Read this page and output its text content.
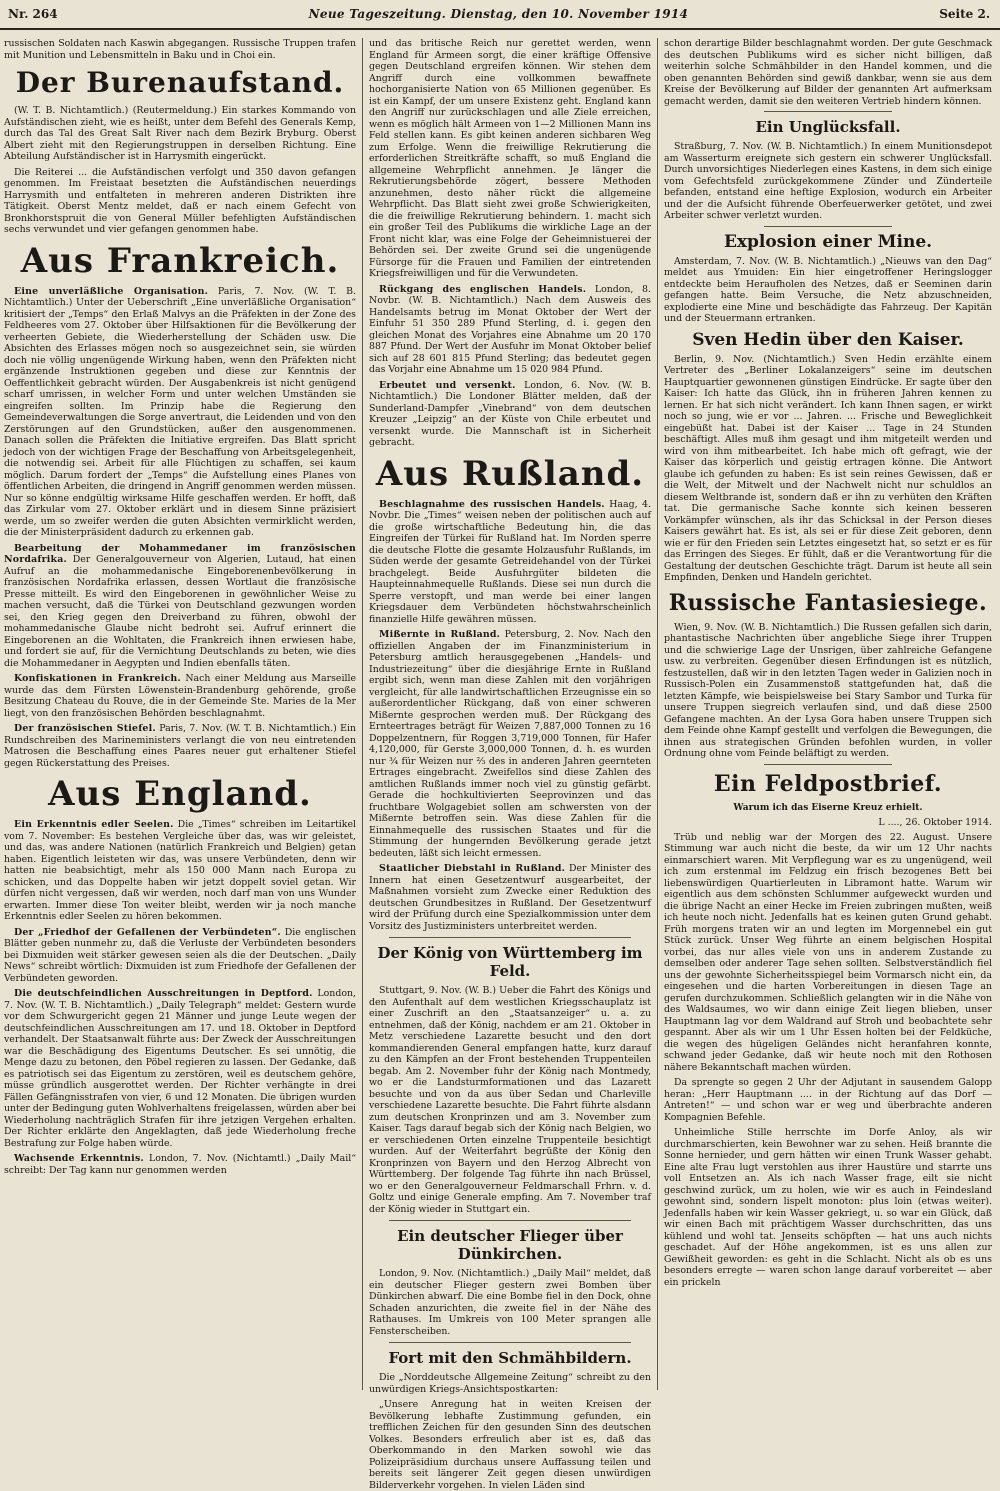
Nr. 264	Neue Tageszeitung. Dienstag, den 10. November 1914	Seite 2.

russischen Soldaten nach Kaswin abgegangen. Russische Truppen trafen mit Munition und Lebensmitteln in Baku und in Choi ein.

Der Burenaufstand.

(W. T. B. Nichtamtlich.) (Reutermeldung.) Ein starkes Kommando von Aufständischen zieht, wie es heißt, unter dem Befehl des Generals Kemp, durch das Tal des Great Salt River nach dem Bezirk Bryburg. Oberst Albert zieht mit den Regierungstruppen in derselben Richtung. Eine Abteilung Aufständischer ist in Harrysmith eingerückt.

Die Reiterei ... die Aufständischen verfolgt und 350 davon gefangen genommen. Im Freistaat besetzten die Aufständischen neuerdings Harrysmith und entfalteten in mehreren anderen Distrikten ihre Tätigkeit. Oberst Mentz meldet, daß er nach einem Gefecht von Bronkhorstspruit die von General Müller befehligten Aufständischen sechs verwundet und vier gefangen genommen habe.

Aus Frankreich.

Eine unverläßliche Organisation. Paris, 7. Nov. (W. T. B. Nichtamtlich.) Unter der Ueberschrift „Eine unverläßliche Organisation“ kritisiert der „Temps“ den Erlaß Malvys an die Präfekten in der Zone des Feldheeres vom 27. Oktober über Hilfsaktionen für die Bevölkerung der verheerten Gebiete, die Wiederherstellung der Schäden usw. Die Absichten des Erlasses mögen noch so ausgezeichnet sein, sie würden doch nie völlig ungenügende Wirkung haben, wenn den Präfekten nicht ergänzende Instruktionen gegeben und diese zur Kenntnis der Oeffentlichkeit gebracht würden. Der Ausgabenkreis ist nicht genügend scharf umrissen, in welcher Form und unter welchen Umständen sie eingreifen sollten. Im Prinzip habe die Regierung den Gemeindeverwaltungen die Sorge anvertraut, die Leidenden und von den Zerstörungen auf den Grundstücken, außer den ausgenommenen. Danach sollen die Präfekten die Initiative ergreifen. Das Blatt spricht jedoch von der wichtigen Frage der Beschaffung von Arbeitsgelegenheit, die notwendig sei. Arbeit für alle Flüchtigen zu schaffen, sei kaum möglich. Darum fordert der „Temps“ die Aufstellung eines Planes von öffentlichen Arbeiten, die dringend in Angriff genommen werden müssen. Nur so könne endgültig wirksame Hilfe geschaffen werden. Er hofft, daß das Zirkular vom 27. Oktober erklärt und in diesem Sinne präzisiert werde, um so zweifer werden die guten Absichten vermirklicht werden, die der Ministerpräsident dadurch zu erkennen gab.

Bearbeitung der Mohammedaner im französischen Nordafrika. Der Generalgouverneur von Algerien, Lutaud, hat einen Aufruf an die mohammedanische Eingeborenenbevölkerung in französischen Nordafrika erlassen, dessen Wortlaut die französische Presse mitteilt. Es wird den Eingeborenen in gewöhnlicher Weise zu machen versucht, daß die Türkei von Deutschland gezwungen worden sei, den Krieg gegen den Dreiverband zu führen, obwohl der mohammedanische Glaube nicht bedroht sei. Aufruf erinnert die Eingeborenen an die Wohltaten, die Frankreich ihnen erwiesen habe, und fordert sie auf, für die Vernichtung Deutschlands zu beten, wie dies die Mohammedaner in Aegypten und Indien ebenfalls täten.

Konfiskationen in Frankreich. Nach einer Meldung aus Marseille wurde das dem Fürsten Löwenstein-Brandenburg gehörende, große Besitzung Chateau du Rouve, die in der Gemeinde Ste. Maries de la Mer liegt, von den französischen Behörden beschlagnahmt.

Der französischen Stiefel. Paris, 7. Nov. (W. T. B. Nichtamtlich.) Ein Rundschreiben des Marineministers verlangt die von neu eintretenden Matrosen die Beschaffung eines Paares neuer gut erhaltener Stiefel gegen Rückerstattung des Preises.

Aus England.

Ein Erkenntnis edler Seelen. Die „Times“ schreiben im Leitartikel vom 7. November: Es bestehen Vergleiche über das, was wir geleistet, und das, was andere Nationen (natürlich Frankreich und Belgien) getan haben. Eigentlich leisteten wir das, was unsere Verbündeten, denn wir hatten nie beabsichtigt, mehr als 150 000 Mann nach Europa zu schicken, und das Doppelte haben wir jetzt doppelt soviel getan. Wir dürfen nicht vergessen, daß wir werden, noch darf man von uns Wunder erwarten. Immer diese Ton weiter bleibt, werden wir ja noch manche Erkenntnis edler Seelen zu hören bekommen.

Der „Friedhof der Gefallenen der Verbündeten“. Die englischen Blätter geben nunmehr zu, daß die Verluste der Verbündeten besonders bei Dixmuiden weit stärker gewesen seien als die der Deutschen. „Daily News“ schreibt wörtlich: Dixmuiden ist zum Friedhofe der Gefallenen der Verbündeten geworden.

Die deutschfeindlichen Ausschreitungen in Deptford. London, 7. Nov. (W. T. B. Nichtamtlich.) „Daily Telegraph“ meldet: Gestern wurde vor dem Schwurgericht gegen 21 Männer und junge Leute wegen der deutschfeindlichen Ausschreitungen am 17. und 18. Oktober in Deptford verhandelt. Der Staatsanwalt führte aus: Der Zweck der Ausschreitungen war die Beschädigung des Eigentums Deutscher. Es sei unnötig, die Menge dazu zu betonen, den Pöbel regieren zu lassen. Der Gedanke, daß es patriotisch sei das Eigentum zu zerstören, weil es deutschem gehöre, müsse gründlich ausgerottet werden. Der Richter verhängte in drei Fällen Gefängnisstrafen von vier, 6 und 12 Monaten. Die übrigen wurden unter der Bedingung guten Wohlverhaltens freigelassen, würden aber bei Wiederholung nachträglich Strafen für ihre jetzigen Vergehen erhalten. Der Richter erklärte den Angeklagten, daß jede Wiederholung freche Bestrafung zur Folge haben würde.

Wachsende Erkenntnis. London, 7. Nov. (Nichtamtl.) „Daily Mail“ schreibt: Der Tag kann nur genommen werden

und das britische Reich nur gerettet werden, wenn England für Armeen sorgt, die einer kräftige Offensive gegen Deutschland ergreifen können. Wir stehen dem Angriff durch eine vollkommen bewaffnete hochorganisierte Nation von 65 Millionen gegenüber. Es ist ein Kampf, der um unsere Existenz geht. England kann den Angriff nur zurückschlagen und alle Ziele erreichen, wenn es möglich hält Armeen von 1—2 Millionen Mann ins Feld stellen kann. Es gibt keinen anderen sichbaren Weg zum Erfolge. Wenn die freiwillige Rekrutierung die erforderlichen Streitkräfte schafft, so muß England die allgemeine Wehrpflicht annehmen. Je länger die Rekrutierungsbehörde zögert, bessere Methoden anzunehmen, desto näher rückt die allgemeine Wehrpflicht. Das Blatt sieht zwei große Schwierigkeiten, die die freiwillige Rekrutierung behindern. 1. macht sich ein großer Teil des Publikums die wirkliche Lage an der Front nicht klar, was eine Folge der Geheimnistuerei der Behörden sei. Der zweite Grund sei die ungenügende Fürsorge für die Frauen und Familien der eintretenden Kriegsfreiwilligen und für die Verwundeten.

Rückgang des englischen Handels. London, 8. Novbr. (W. B. Nichtamtlich.) Nach dem Ausweis des Handelsamts betrug im Monat Oktober der Wert der Einfuhr 51 350 289 Pfund Sterling, d. i. gegen den gleichen Monat des Vorjahres eine Abnahme um 20 170 887 Pfund. Der Wert der Ausfuhr im Monat Oktober belief sich auf 28 601 815 Pfund Sterling; das bedeutet gegen das Vorjahr eine Abnahme um 15 020 984 Pfund.

Erbeutet und versenkt. London, 6. Nov. (W. B. Nichtamtlich.) Die Londoner Blätter melden, daß der Sunderland-Dampfer „Vinebrand“ von dem deutschen Kreuzer „Leipzig“ an der Küste von Chile erbeutet und versenkt wurde. Die Mannschaft ist in Sicherheit gebracht.

Aus Rußland.

Beschlagnahme des russischen Handels. Haag, 4. Novbr. Die „Times“ weisen neben der politischen auch auf die große wirtschaftliche Bedeutung hin, die das Eingreifen der Türkei für Rußland hat. Im Norden sperre die deutsche Flotte die gesamte Holzausfuhr Rußlands, im Süden werde der gesamte Getreidehandel von der Türkei brachgelegt. Beide Ausfuhrgüter bildeten die Haupteinnahmequelle Rußlands. Diese sei nun durch die Sperre verstopft, und man werde bei einer langen Kriegsdauer dem Verbündeten höchstwahrscheinlich finanzielle Hilfe gewähren müssen.

Mißernte in Rußland. Petersburg, 2. Nov. Nach den offiziellen Angaben der im Finanzministerium in Petersburg amtlich herausgegebenen „Handels- und Industriezeitung“ über die diesjährige Ernte in Rußland ergibt sich, wenn man diese Zahlen mit den vorjährigen vergleicht, für alle landwirtschaftlichen Erzeugnisse ein so außerordentlicher Rückgang, daß von einer schweren Mißernte gesprochen werden muß. Der Rückgang des Ernteertrages beträgt für Weizen 7,887,000 Tonnen zu 16 Doppelzentnern, für Roggen 3,719,000 Tonnen, für Hafer 4,120,000, für Gerste 3,000,000 Tonnen, d. h. es wurden nur ¾ für Weizen nur ⅔ des in anderen Jahren geernteten Ertrages eingebracht. Zweifellos sind diese Zahlen des amtlichen Rußlands immer noch viel zu günstig gefärbt. Gerade die hochkultivierten Seeprovinzen und das fruchtbare Wolgagebiet sollen am schwersten von der Mißernte betroffen sein. Was diese Zahlen für die Einnahmequelle des russischen Staates und für die Stimmung der hungernden Bevölkerung gerade jetzt bedeuten, läßt sich leicht ermessen.

Staatlicher Diebstahl in Rußland. Der Minister des Innern hat einen Gesetzentwurf ausgearbeitet, der Maßnahmen vorsieht zum Zwecke einer Reduktion des deutschen Grundbesitzes in Rußland. Der Gesetzentwurf wird der Prüfung durch eine Spezialkommission unter dem Vorsitz des Justizministers unterbreitet werden.

Der König von Württemberg im Feld.

Stuttgart, 9. Nov. (W. B.) Ueber die Fahrt des Königs und den Aufenthalt auf dem westlichen Kriegsschauplatz ist einer Zuschrift an den „Staatsanzeiger“ u. a. zu entnehmen, daß der König, nachdem er am 21. Oktober in Metz verschiedene Lazarette besucht und den dort kommandierenden General empfangen hatte, kurz darauf zu den Kämpfen an der Front bestehenden Truppenteilen begab. Am 2. November fuhr der König nach Montmedy, wo er die Landsturmformationen und das Lazarett besuchte und von da aus über Sedan und Charleville verschiedene Lazarette besuchte. Die Fahrt führte alsdann zum deutschen Kronprinzen und am 3. November zum Kaiser. Tags darauf begab sich der König nach Belgien, wo er verschiedenen Orten einzelne Truppenteile besichtigt wurden. Auf der Weiterfahrt begrüßte der König den Kronprinzen von Bayern und den Herzog Albrecht von Württemberg. Der folgende Tag führte ihn nach Brüssel, wo er den Generalgouverneur Feldmarschall Frhrn. v. d. Goltz und einige Generale empfing. Am 7. November traf der König wieder in Stuttgart ein.

Ein deutscher Flieger über Dünkirchen.

London, 9. Nov. (Nichtamtlich.) „Daily Mail“ meldet, daß ein deutscher Flieger gestern zwei Bomben über Dünkirchen abwarf. Die eine Bombe fiel in den Dock, ohne Schaden anzurichten, die zweite fiel in der Nähe des Rathauses. Im Umkreis von 100 Meter sprangen alle Fensterscheiben.

Fort mit den Schmähbildern.

Die „Norddeutsche Allgemeine Zeitung“ schreibt zu den unwürdigen Kriegs-Ansichtspostkarten:

„Unsere Anregung hat in weiten Kreisen der Bevölkerung lebhafte Zustimmung gefunden, ein trefflichen Zeichen für den gesunden Sinn des deutschen Volkes. Besonders erfreulich aber ist es, daß das Oberkommando in den Marken sowohl wie das Polizeipräsidium durchaus unsere Auffassung teilen und bereits seit längerer Zeit gegen diesen unwürdigen Bilderverkehr vorgehen. In vielen Läden sind

schon derartige Bilder beschlagnahmt worden. Der gute Geschmack des deutschen Publikums wird es sicher nicht billigen, daß weiterhin solche Schmähbilder in den Handel kommen, und die oben genannten Behörden sind gewiß dankbar, wenn sie aus dem Kreise der Bevölkerung auf Bilder der genannten Art aufmerksam gemacht werden, damit sie den weiteren Vertrieb hindern können.

Ein Unglücksfall.

Straßburg, 7. Nov. (W. B. Nichtamtlich.) In einem Munitionsdepot am Wasserturm ereignete sich gestern ein schwerer Unglücksfall. Durch unvorsichtiges Niederlegen eines Kastens, in dem sich einige vom Gefechtsfeld zurückgekommene Zünder und Zünderteile befanden, entstand eine heftige Explosion, wodurch ein Arbeiter und der die Aufsicht führende Oberfeuerwerker getötet, und zwei Arbeiter schwer verletzt wurden.

Explosion einer Mine.

Amsterdam, 7. Nov. (W. B. Nichtamtlich.) „Nieuws van den Dag“ meldet aus Ymuiden: Ein hier eingetroffener Heringslogger entdeckte beim Heraufholen des Netzes, daß er Seeminen darin gefangen hatte. Beim Versuche, die Netz abzuschneiden, explodierte eine Mine und beschädigte das Fahrzeug. Der Kapitän und der Steuermann ertranken.

Sven Hedin über den Kaiser.

Berlin, 9. Nov. (Nichtamtlich.) Sven Hedin erzählte einem Vertreter des „Berliner Lokalanzeigers“ seine im deutschen Hauptquartier gewonnenen günstigen Eindrücke. Er sagte über den Kaiser: Ich hatte das Glück, ihn in früheren Jahren kennen zu lernen. Er hat sich nicht verändert. Ich kann Ihnen sagen, er wirkt noch so jung, wie er vor ... Jahren. ... Frische und Beweglichkeit eingebüßt hat. Dabei ist der Kaiser ... Tage in 24 Stunden beschäftigt. Alles muß ihm gesagt und ihm mitgeteilt werden und wird von ihm mitbearbeitet. Ich habe mich oft gefragt, wie der Kaiser das körperlich und geistig ertragen könne. Die Antwort glaube ich gefunden zu haben: Es ist sein reines Gewissen, daß er die Welt, der Mitwelt und der Nachwelt nicht nur schuldlos an diesem Weltbrande ist, sondern daß er ihn zu verhüten den Kräften tat. Die germanische Sache konnte sich keinen besseren Vorkämpfer wünschen, als ihr das Schicksal in der Person dieses Kaisers gewährt hat. Es ist, als sei er für diese Zeit geboren, denn wie er für den Frieden sein Letztes eingesetzt hat, so setzt er es für das Erringen des Sieges. Er fühlt, daß er die Verantwortung für die Gestaltung der deutschen Geschichte trägt. Darum ist heute all sein Empfinden, Denken und Handeln gerichtet.

Russische Fantasiesiege.

Wien, 9. Nov. (W. B. Nichtamtlich.) Die Russen gefallen sich darin, phantastische Nachrichten über angebliche Siege ihrer Truppen und die schwierige Lage der Unsrigen, über zahlreiche Gefangene usw. zu verbreiten. Gegenüber diesen Erfindungen ist es nützlich, festzustellen, daß wir in den letzten Tagen weder in Galizien noch in Russisch-Polen ein Zusammenstoß stattgefunden hat, daß die letzten Kämpfe, wie beispielsweise bei Stary Sambor und Turka für unsere Truppen siegreich verlaufen sind, und daß diese 2500 Gefangene machten. An der Lysa Gora haben unsere Truppen sich dem Feinde ohne Kampf gestellt und verfolgen die Bewegungen, die ihnen aus strategischen Gründen befohlen wurden, in voller Ordnung ohne vom Feinde beläftigt zu werden.

Ein Feldpostbrief.
Warum ich das Eiserne Kreuz erhielt.
L ...., 26. Oktober 1914.

Trüb und neblig war der Morgen des 22. August. Unsere Stimmung war auch nicht die beste, da wir um 12 Uhr nachts einmarschiert waren. Mit Verpflegung war es zu ungenügend, weil ich zum erstenmal im Feldzug ein frisch bezogenes Bett bei liebenswürdigen Quartierleuten in Libramont hatte. Warum wir eigentlich aus dem schönsten Schlummer aufgeweckt wurden und die übrige Nacht an einer Hecke im Freien zubringen mußten, weiß ich heute noch nicht. Jedenfalls hat es keinen guten Grund gehabt. Früh morgens traten wir an und legten im Morgennebel ein gut Stück zurück. Unser Weg führte an einem belgischen Hospital vorbei, das nur alles viele von uns in anderem Zustande zu demselben oder anderer Tage sehen sollten. Selbstverständlich fiel uns der gewohnte Sicherheitsspiegel beim Vormarsch nicht ein, da eingesehen und die harten Vorbereitungen in diesen Tage an gerufen durchzukommen. Schließlich gelangten wir in die Nähe von des Waldsaumes, wo wir dann einige Zeit liegen blieben, unser Hauptmann lag vor dem Waldrand auf Stroh und beobachtete sehr gespannt. Aber als wir um 1 Uhr Essen holten bei der Feldküche, die wegen des hügeligen Geländes nicht heranfahren konnte, schwand jeder Gedanke, daß wir heute noch mit den Rothosen nähere Bekanntschaft machen würden.

Da sprengte so gegen 2 Uhr der Adjutant in sausendem Galopp heran: „Herr Hauptmann .... in der Richtung auf das Dorf — Antreten!“ — und schon war er weg und überbrachte anderen Kompagnien Befehle.

Unheimliche Stille herrschte im Dorfe Anloy, als wir durchmarschierten, kein Bewohner war zu sehen. Heiß brannte die Sonne hernieder, und gern hätten wir einen Trunk Wasser gehabt. Eine alte Frau lugt verstohlen aus ihrer Haustüre und starrte uns voll Entsetzen an. Als ich nach Wasser frage, eilt sie nicht geschwind zurück, um zu holen, wie wir es auch in Feindesland gewohnt sind, sondern lispelt monoton: plus loin (etwas weiter). Jedenfalls haben wir kein Wasser gekriegt, u. so war ein Glück, daß wir einen Bach mit prächtigem Wasser durchschritten, das uns kühlend und wohl tat. Jenseits schöpften — hat uns auch nichts geschadet. Auf der Höhe angekommen, ist es uns allen zur Gewißheit geworden: es geht in die Schlacht. Nicht als ob es uns besonders erregte — waren schon lange darauf vorbereitet — aber ein prickeln
